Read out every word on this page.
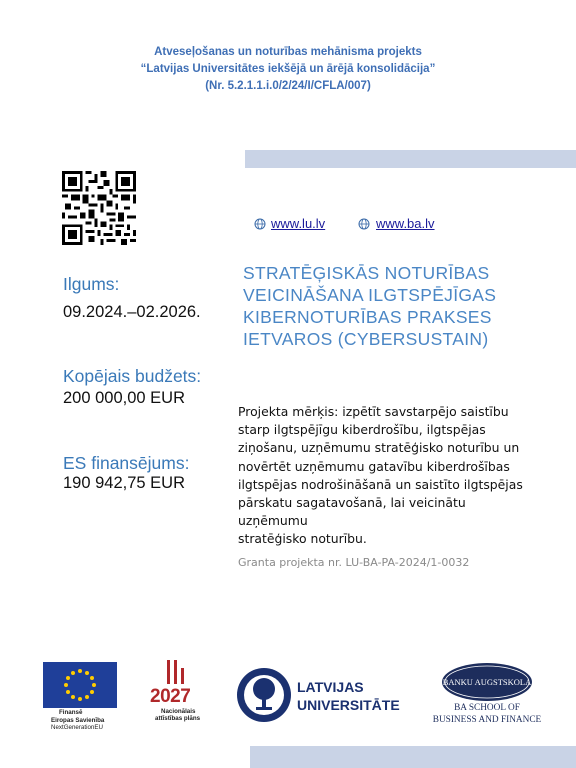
Atveseļošanas un noturības mehānisma projekts
“Latvijas Universitātes iekšējā un ārējā konsolidācija”
(Nr. 5.2.1.1.i.0/2/24/I/CFLA/007)
www.lu.lv	www.ba.lv
Ilgums:
09.2024.–02.2026.
Kopējais budžets:
200 000,00 EUR
ES finansējums:
190 942,75 EUR
STRATĒĢISKĀS NOTURĪBAS
VEICINĀŠANA ILGTSPĒJĪGAS
KIBERNOTURĪBAS PRAKSES
IETVAROS (CYBERSUSTAIN)
Projekta mērķis: izpētīt savstarpējo saistību
starp ilgtspējīgu kiberdrošību, ilgtspējas
ziņošanu, uzņēmumu stratēģisko noturību un
novērtēt uzņēmumu gatavību kiberdrošības
ilgtspējas nodrošināšanā un saistīto ilgtspējas
pārskatu sagatavošanā, lai veicinātu uzņēmumu
stratēģisko noturību.
Granta projekta nr. LU-BA-PA-2024/1-0032
Finansē
Eiropas Savienība
NextGenerationEU
2027
Nacionālais
attīstības plāns
LATVIJAS
UNIVERSITĀTE
BANKU AUGSTSKOLA
BA SCHOOL OF
BUSINESS AND FINANCE
